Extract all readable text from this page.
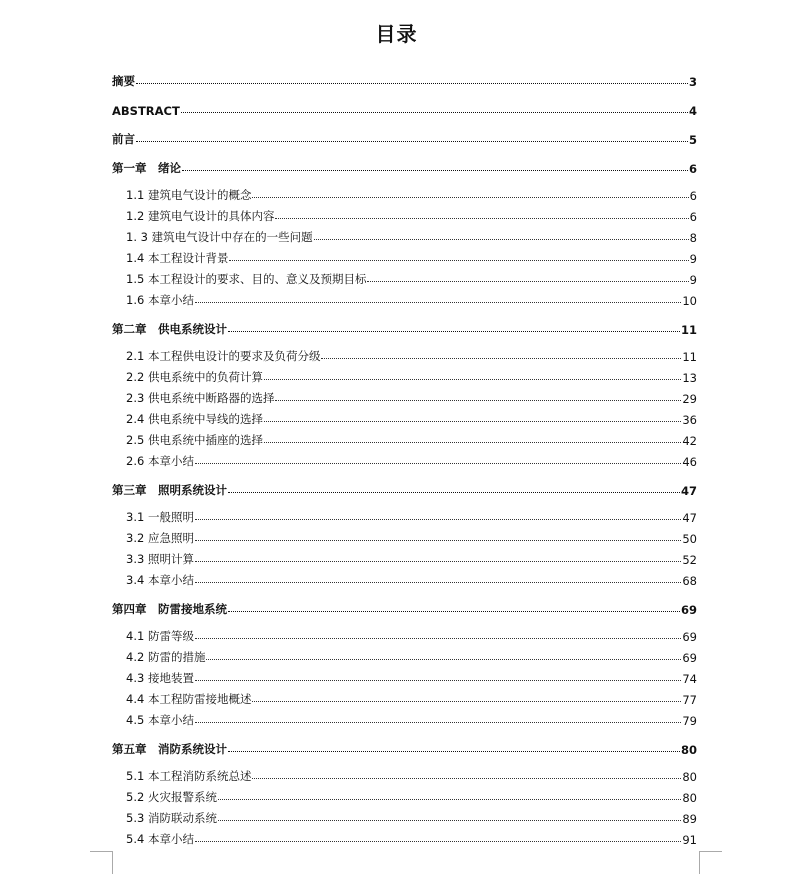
目录
摘要	3
ABSTRACT	4
前言	5
第一章　绪论	6
1.1 建筑电气设计的概念	6
1.2 建筑电气设计的具体内容	6
1. 3 建筑电气设计中存在的一些问题	8
1.4 本工程设计背景	9
1.5 本工程设计的要求、目的、意义及预期目标	9
1.6 本章小结	10
第二章　供电系统设计	11
2.1 本工程供电设计的要求及负荷分级	11
2.2 供电系统中的负荷计算	13
2.3 供电系统中断路器的选择	29
2.4 供电系统中导线的选择	36
2.5 供电系统中插座的选择	42
2.6 本章小结	46
第三章　照明系统设计	47
3.1 一般照明	47
3.2 应急照明	50
3.3 照明计算	52
3.4 本章小结	68
第四章　防雷接地系统	69
4.1 防雷等级	69
4.2 防雷的措施	69
4.3 接地装置	74
4.4 本工程防雷接地概述	77
4.5 本章小结	79
第五章　消防系统设计	80
5.1 本工程消防系统总述	80
5.2 火灾报警系统	80
5.3 消防联动系统	89
5.4 本章小结	91
